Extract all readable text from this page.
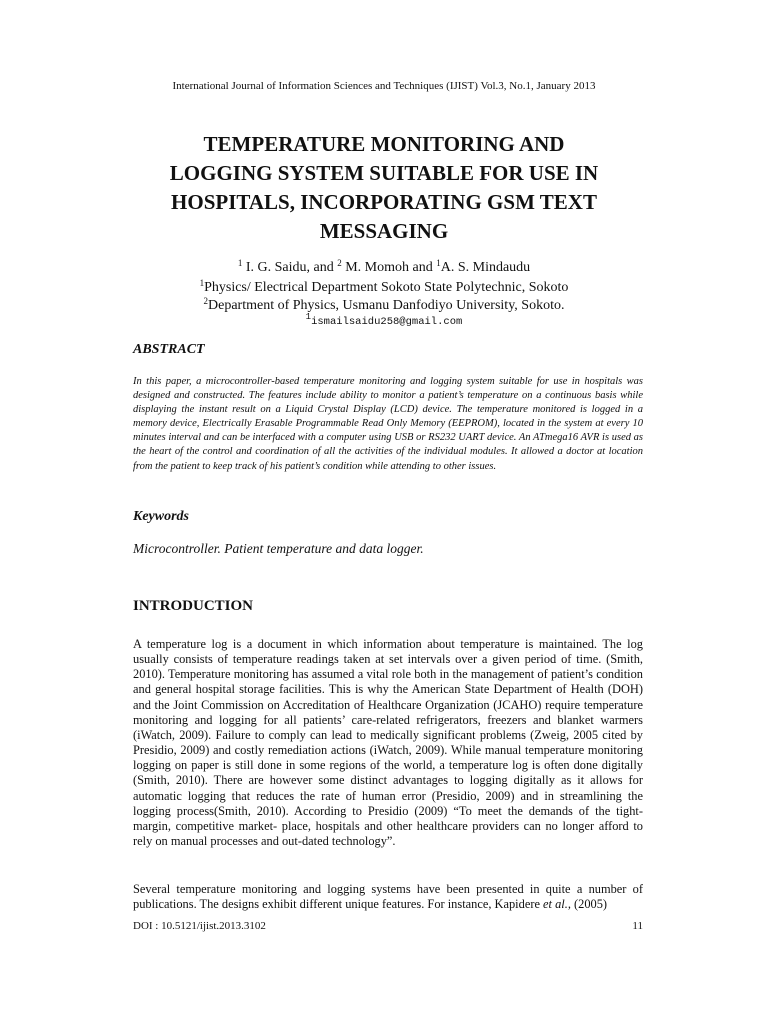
International Journal of Information Sciences and Techniques (IJIST) Vol.3, No.1, January 2013
TEMPERATURE MONITORING AND
LOGGING SYSTEM SUITABLE FOR USE IN
HOSPITALS, INCORPORATING GSM TEXT
MESSAGING
$^1$ I. G. Saidu, and $^2$ M. Momoh and $^1$A. S. Mindaudu
$^1$Physics/ Electrical Department Sokoto State Polytechnic, Sokoto
$^2$Department of Physics, Usmanu Danfodiyo University, Sokoto.
$^1$ismailsaidu258@gmail.com
ABSTRACT
In this paper, a microcontroller-based temperature monitoring and logging system suitable for use in hospitals was designed and constructed. The features include ability to monitor a patient’s temperature on a continuous basis while displaying the instant result on a Liquid Crystal Display (LCD) device. The temperature monitored is logged in a memory device, Electrically Erasable Programmable Read Only Memory (EEPROM), located in the system at every 10 minutes interval and can be interfaced with a computer using USB or RS232 UART device. An ATmega16 AVR is used as the heart of the control and coordination of all the activities of the individual modules. It allowed a doctor at location from the patient to keep track of his patient’s condition while attending to other issues.
Keywords
Microcontroller. Patient temperature and data logger.
INTRODUCTION
A temperature log is a document in which information about temperature is maintained. The log usually consists of temperature readings taken at set intervals over a given period of time. (Smith, 2010). Temperature monitoring has assumed a vital role both in the management of patient’s condition and general hospital storage facilities. This is why the American State Department of Health (DOH) and the Joint Commission on Accreditation of Healthcare Organization (JCAHO) require temperature monitoring and logging for all patients’ care-related refrigerators, freezers and blanket warmers (iWatch, 2009). Failure to comply can lead to medically significant problems (Zweig, 2005 cited by Presidio, 2009) and costly remediation actions (iWatch, 2009). While manual temperature monitoring logging on paper is still done in some regions of the world, a temperature log is often done digitally (Smith, 2010). There are however some distinct advantages to logging digitally as it allows for automatic logging that reduces the rate of human error (Presidio, 2009) and in streamlining the logging process(Smith, 2010). According to Presidio (2009) “To meet the demands of the tight-margin, competitive market- place, hospitals and other healthcare providers can no longer afford to rely on manual processes and out-dated technology”.
Several temperature monitoring and logging systems have been presented in quite a number of publications. The designs exhibit different unique features. For instance, Kapidere et al., (2005)
DOI : 10.5121/ijist.2013.3102	11
